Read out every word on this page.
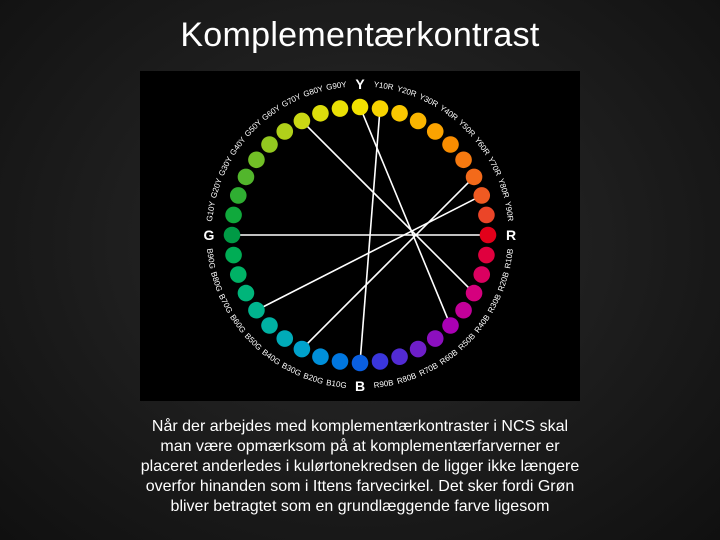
Komplementærkontrast
Y Y10R Y20R
Y30R
Y40R
Y50R
Y60R
Y70R
Y80R
Y90R
R
R10B
R20B
R30B
R40B
R50B
R60B
R70B
R80B
R90B
B
B10G
B20G
B30G
B40G
B50G
B60G
B70G
B80G
B90G
G
G10Y
G20Y
G30Y
G40Y
G50Y
G60Y
G70Y
G80Y G90Y
Når der arbejdes med komplementærkontraster i NCS skal man være opmærksom på at komplementærfarverner er placeret anderledes i kulørtonekredsen de ligger ikke længere overfor hinanden som i Ittens farvecirkel. Det sker fordi Grøn bliver betragtet som en grundlæggende farve ligesom
